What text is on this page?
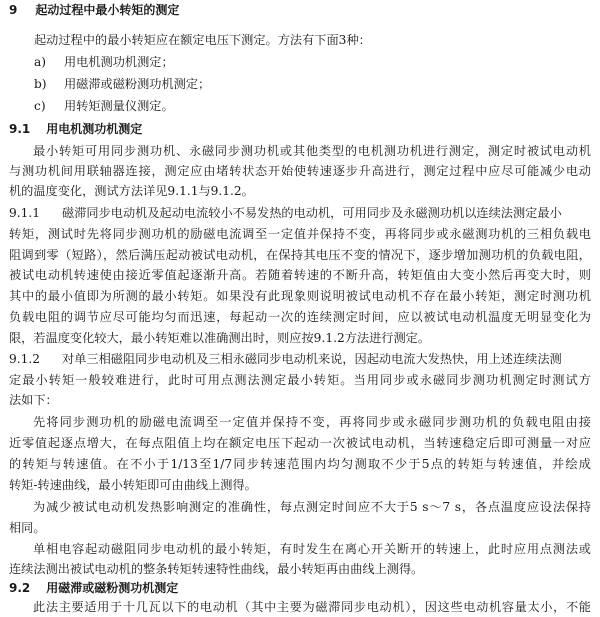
9 起动过程中最小转矩的测定
起动过程中的最小转矩应在额定电压下测定。方法有下面3种：
a) 用电机测功机测定；
b) 用磁滞或磁粉测功机测定；
c) 用转矩测量仪测定。
9.1 用电机测功机测定
最小转矩可用同步测功机、永磁同步测功机或其他类型的电机测功机进行测定，测定时被试电动机
与测功机间用联轴器连接，测定应由堵转状态开始使转速逐步升高进行，测定过程中应尽可能减少电动
机的温度变化，测试方法详见9.1.1与9.1.2。
9.1.1 磁滞同步电动机及起动电流较小不易发热的电动机，可用同步及永磁测功机以连续法测定最小
转矩，测试时先将同步测功机的励磁电流调至一定值并保持不变，再将同步或永磁测功机的三相负载电
阻调到零（短路），然后满压起动被试电动机，在保持其电压不变的情况下，逐步增加测功机的负载电阻，
被试电动机转速使由接近零值起逐渐升高。若随着转速的不断升高，转矩值由大变小然后再变大时，则
其中的最小值即为所测的最小转矩。如果没有此现象则说明被试电动机不存在最小转矩，测定时测功机
负载电阻的调节应尽可能均匀而迅速，每起动一次的连续测定时间，应以被试电动机温度无明显变化为
限，若温度变化较大，最小转矩难以准确测出时，则应按9.1.2方法进行测定。
9.1.2 对单三相磁阻同步电动机及三相永磁同步电动机来说，因起动电流大发热快，用上述连续法测
定最小转矩一般较难进行，此时可用点测法测定最小转矩。当用同步或永磁同步测功机测定时测试方
法如下：
先将同步测功机的励磁电流调至一定值并保持不变，再将同步或永磁同步测功机的负载电阻由接
近零值起逐点增大，在每点阻值上均在额定电压下起动一次被试电动机，当转速稳定后即可测量一对应
的转矩与转速值。在不小于1/13至1/7同步转速范围内均匀测取不少于5点的转矩与转速值，并绘成
转矩-转速曲线，最小转矩即可由曲线上测得。
为减少被试电动机发热影响测定的准确性，每点测定时间应不大于5 s～7 s，各点温度应设法保持
相同。
单相电容起动磁阻同步电动机的最小转矩，有时发生在离心开关断开的转速上，此时应用点测法或
连续法测出被试电动机的整条转矩转速特性曲线，最小转矩再由曲线上测得。
9.2 用磁滞或磁粉测功机测定
此法主要适用于十几瓦以下的电动机（其中主要为磁滞同步电动机），因这些电动机容量太小，不能
